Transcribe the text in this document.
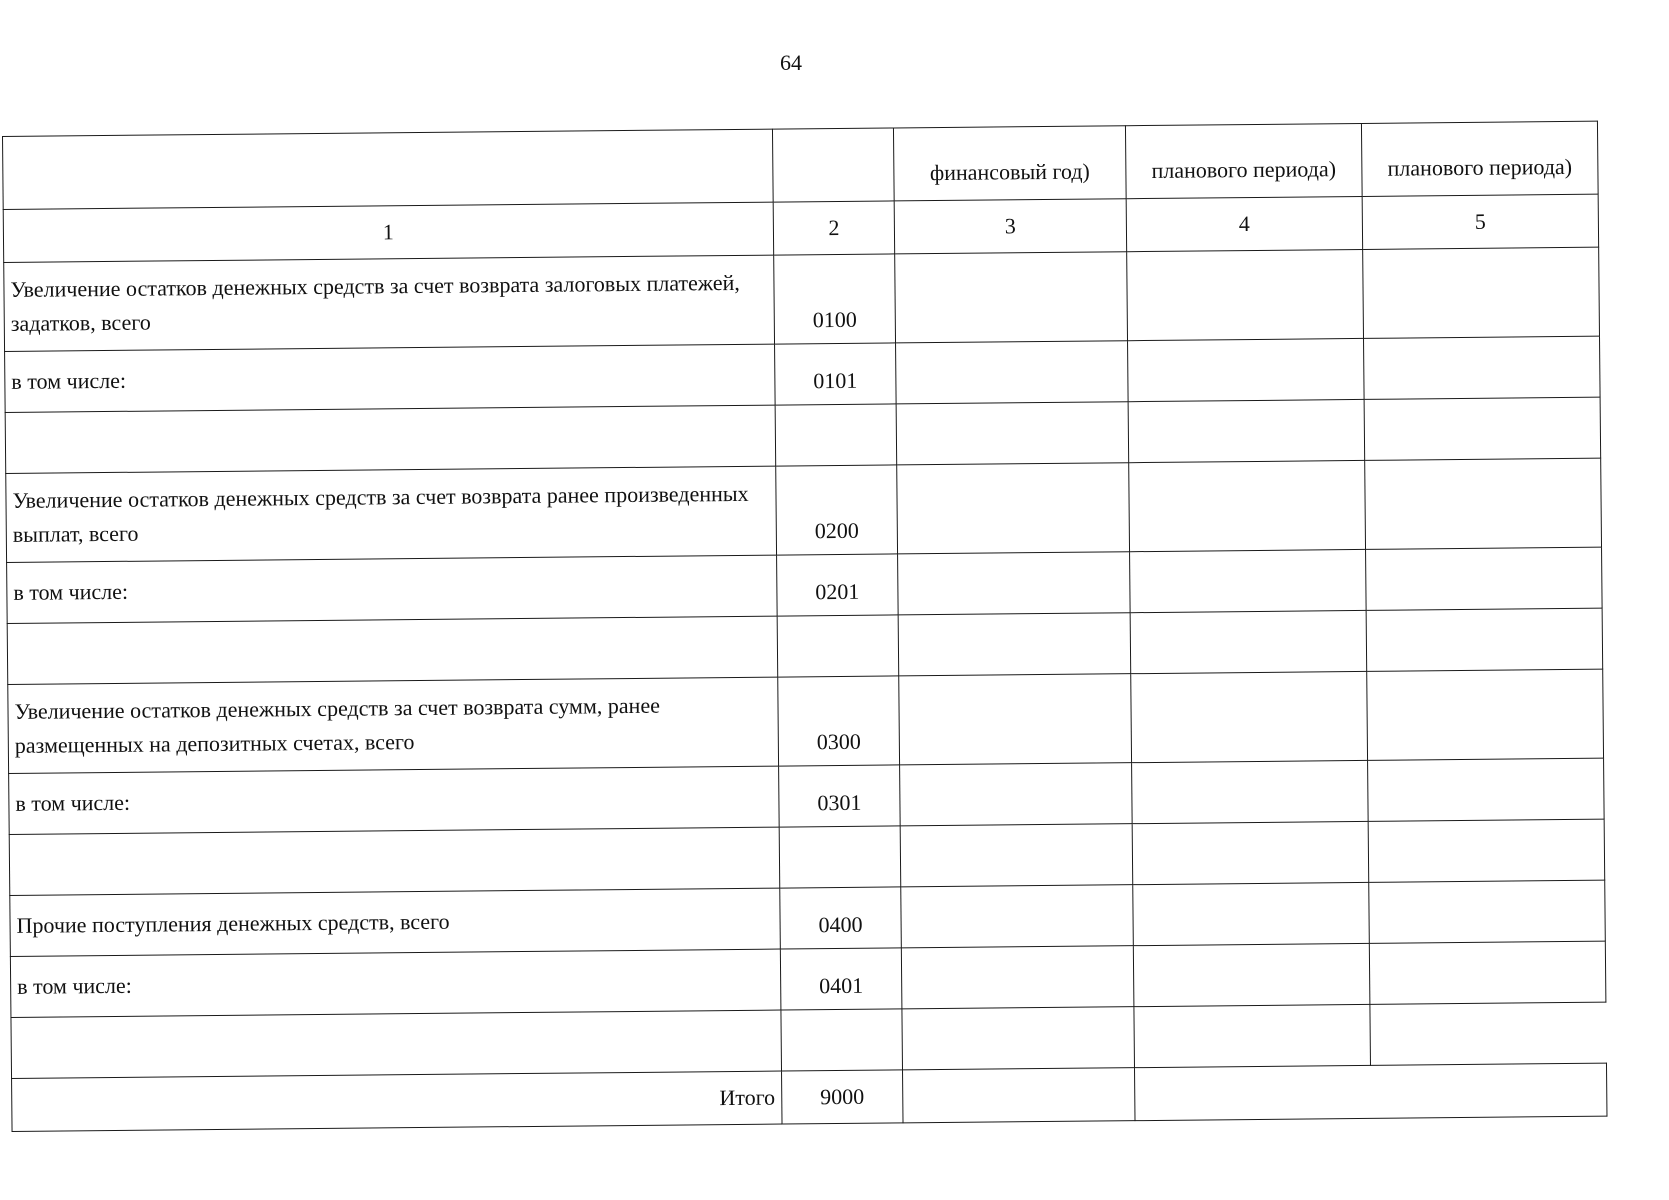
64
		финансовый год)	планового периода)	планового периода)
1	2	3	4	5
Увеличение остатков денежных средств за счет возврата залоговых платежей, задатков, всего	0100			
в том числе:	0101			

Увеличение остатков денежных средств за счет возврата ранее произведенных выплат, всего	0200			
в том числе:	0201			

Увеличение остатков денежных средств за счет возврата сумм, ранее размещенных на депозитных счетах, всего	0300			
в том числе:	0301			

Прочие поступления денежных средств, всего	0400			
в том числе:	0401			

Итого	9000			
